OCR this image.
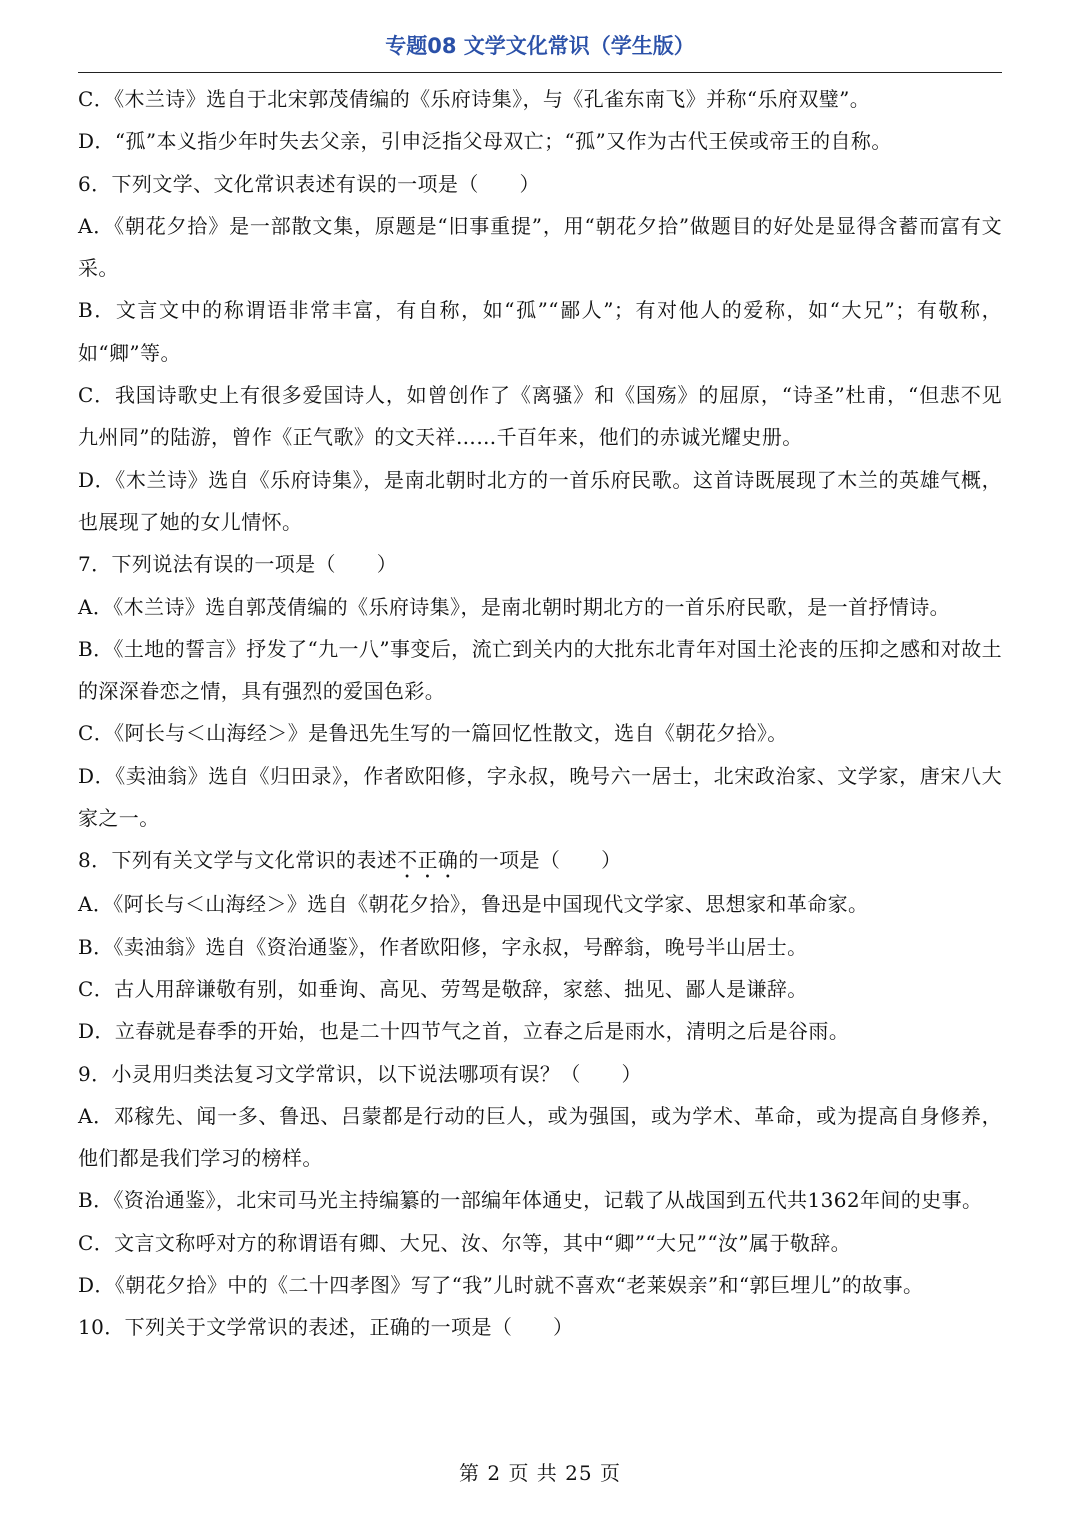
专题08 文学文化常识（学生版）

C．《木兰诗》选自于北宋郭茂倩编的《乐府诗集》，与《孔雀东南飞》并称“乐府双璧”。

D．“孤”本义指少年时失去父亲，引申泛指父母双亡；“孤”又作为古代王侯或帝王的自称。

6．下列文学、文化常识表述有误的一项是（　　）

A．《朝花夕拾》是一部散文集，原题是“旧事重提”，用“朝花夕拾”做题目的好处是显得含蓄而富有文采。

B．文言文中的称谓语非常丰富，有自称，如“孤”“鄙人”；有对他人的爱称，如“大兄”；有敬称，如“卿”等。

C．我国诗歌史上有很多爱国诗人，如曾创作了《离骚》和《国殇》的屈原，“诗圣”杜甫，“但悲不见九州同”的陆游，曾作《正气歌》的文天祥……千百年来，他们的赤诚光耀史册。

D．《木兰诗》选自《乐府诗集》，是南北朝时北方的一首乐府民歌。这首诗既展现了木兰的英雄气概，也展现了她的女儿情怀。

7．下列说法有误的一项是（　　）

A．《木兰诗》选自郭茂倩编的《乐府诗集》，是南北朝时期北方的一首乐府民歌，是一首抒情诗。

B．《土地的誓言》抒发了“九一八”事变后，流亡到关内的大批东北青年对国土沦丧的压抑之感和对故土的深深眷恋之情，具有强烈的爱国色彩。

C．《阿长与＜山海经＞》是鲁迅先生写的一篇回忆性散文，选自《朝花夕拾》。

D．《卖油翁》选自《归田录》，作者欧阳修，字永叔，晚号六一居士，北宋政治家、文学家，唐宋八大家之一。

8．下列有关文学与文化常识的表述不正确的一项是（　　）

A．《阿长与＜山海经＞》选自《朝花夕拾》，鲁迅是中国现代文学家、思想家和革命家。

B．《卖油翁》选自《资治通鉴》，作者欧阳修，字永叔，号醉翁，晚号半山居士。

C．古人用辞谦敬有别，如垂询、高见、劳驾是敬辞，家慈、拙见、鄙人是谦辞。

D．立春就是春季的开始，也是二十四节气之首，立春之后是雨水，清明之后是谷雨。

9．小灵用归类法复习文学常识，以下说法哪项有误？（　　）

A．邓稼先、闻一多、鲁迅、吕蒙都是行动的巨人，或为强国，或为学术、革命，或为提高自身修养，他们都是我们学习的榜样。

B．《资治通鉴》，北宋司马光主持编纂的一部编年体通史，记载了从战国到五代共1362年间的史事。

C．文言文称呼对方的称谓语有卿、大兄、汝、尔等，其中“卿”“大兄”“汝”属于敬辞。

D．《朝花夕拾》中的《二十四孝图》写了“我”儿时就不喜欢“老莱娱亲”和“郭巨埋儿”的故事。

10．下列关于文学常识的表述，正确的一项是（　　）

第 2 页 共 25 页
